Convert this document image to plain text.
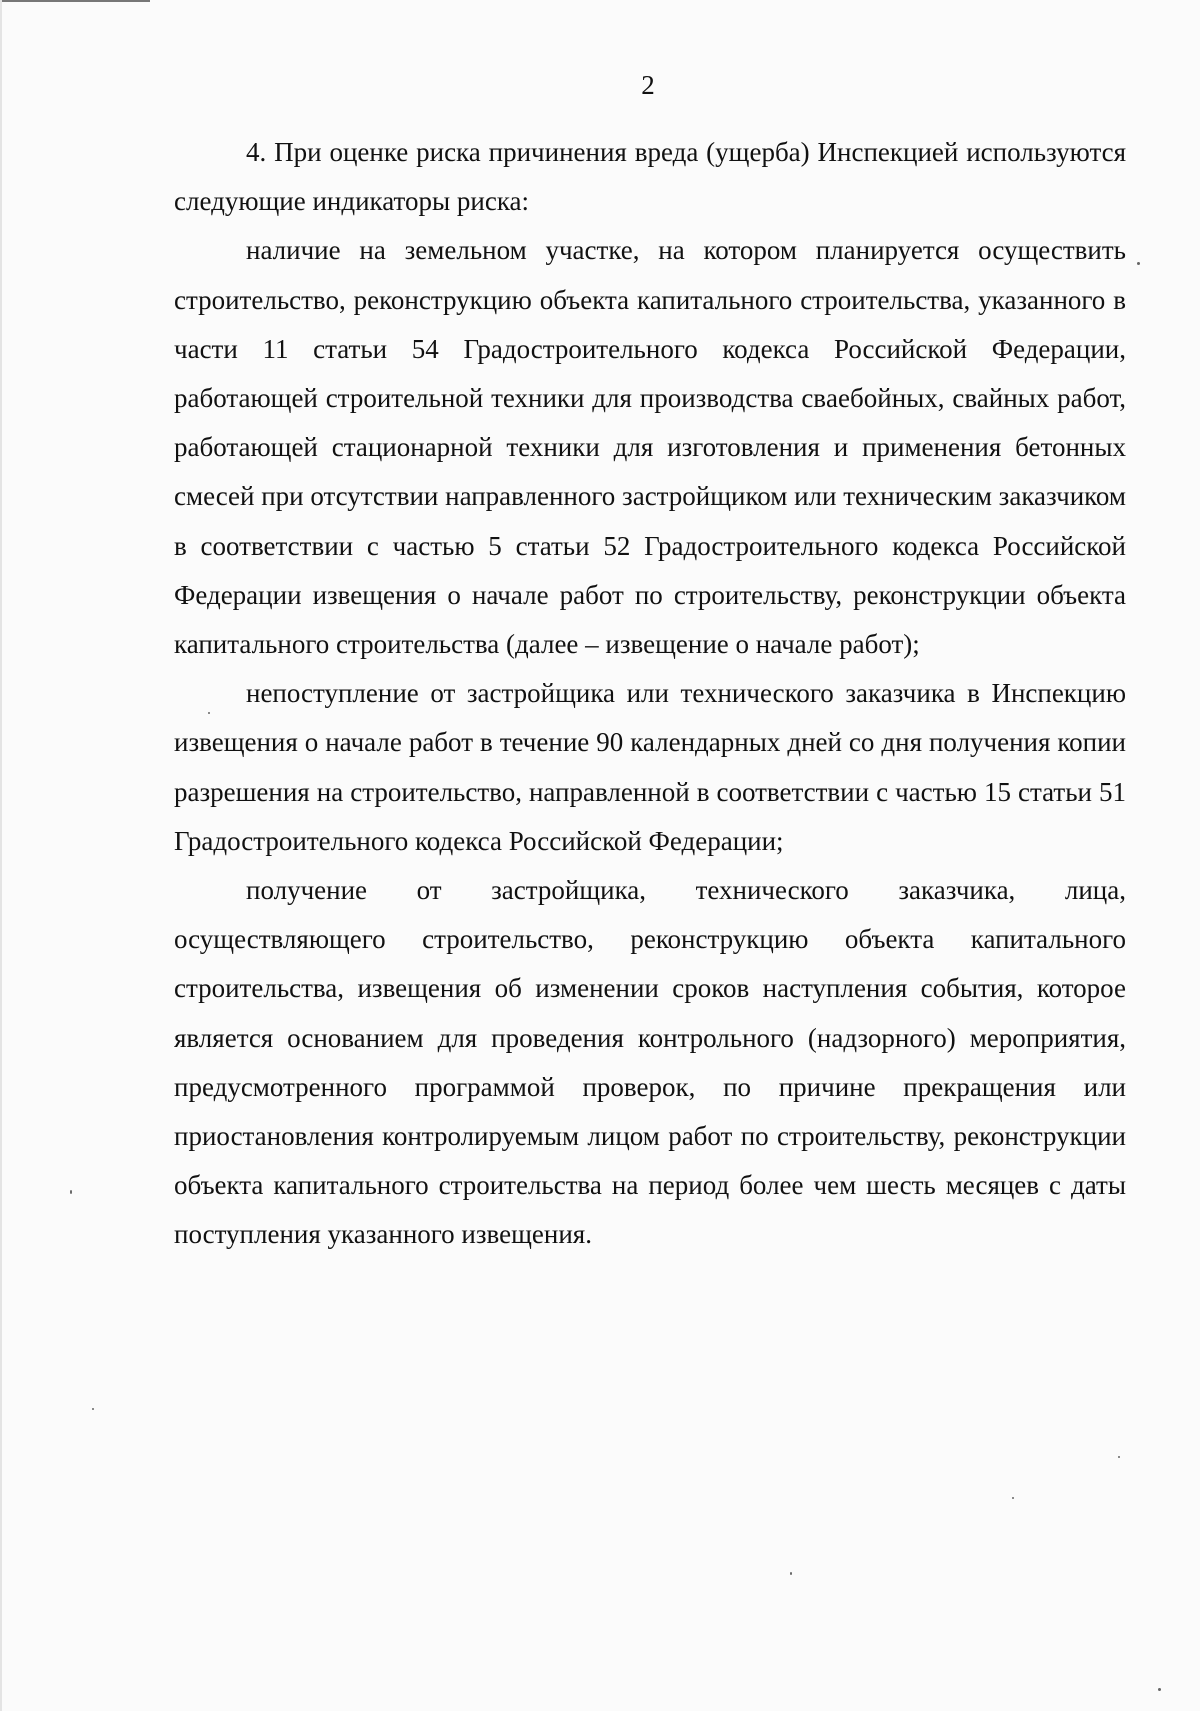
2

4. При оценке риска причинения вреда (ущерба) Инспекцией используются следующие индикаторы риска:

наличие на земельном участке, на котором планируется осуществить строительство, реконструкцию объекта капитального строительства, указанного в части 11 статьи 54 Градостроительного кодекса Российской Федерации, работающей строительной техники для производства свaебойных, свайных работ, работающей стационарной техники для изготовления и применения бетонных смесей при отсутствии направленного застройщиком или техническим заказчиком в соответствии с частью 5 статьи 52 Градостроительного кодекса Российской Федерации извещения о начале работ по строительству, реконструкции объекта капитального строительства (далее – извещение о начале работ);

непоступление от застройщика или технического заказчика в Инспекцию извещения о начале работ в течение 90 календарных дней со дня получения копии разрешения на строительство, направленной в соответствии с частью 15 статьи 51 Градостроительного кодекса Российской Федерации;

получение от застройщика, технического заказчика, лица, осуществляющего строительство, реконструкцию объекта капитального строительства, извещения об изменении сроков наступления события, которое является основанием для проведения контрольного (надзорного) мероприятия, предусмотренного программой проверок, по причине прекращения или приостановления контролируемым лицом работ по строительству, реконструкции объекта капитального строительства на период более чем шесть месяцев с даты поступления указанного извещения.
